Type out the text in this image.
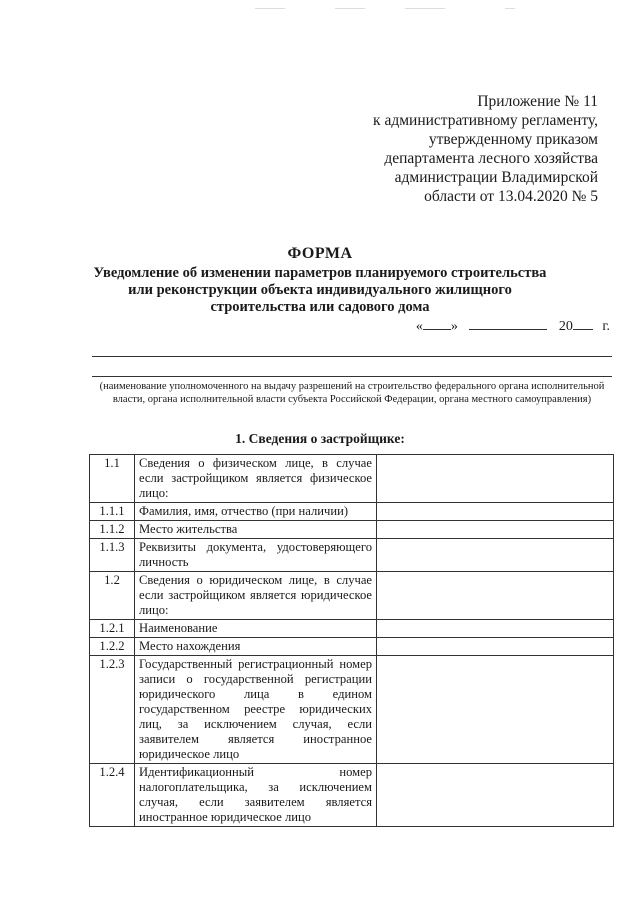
Приложение № 11
к административному регламенту,
утвержденному приказом
департамента лесного хозяйства
администрации Владимирской
области от 13.04.2020 № 5
ФОРМА
Уведомление об изменении параметров планируемого строительства или реконструкции объекта индивидуального жилищного строительства или садового дома
« »	20 г.
(наименование уполномоченного на выдачу разрешений на строительство федерального органа исполнительной власти, органа исполнительной власти субъекта Российской Федерации, органа местного самоуправления)
1. Сведения о застройщике:
1.1	Сведения о физическом лице, в случае если застройщиком является физическое лицо:	
1.1.1	Фамилия, имя, отчество (при наличии)	
1.1.2	Место жительства	
1.1.3	Реквизиты документа, удостоверяющего личность	
1.2	Сведения о юридическом лице, в случае если застройщиком является юридическое лицо:	
1.2.1	Наименование	
1.2.2	Место нахождения	
1.2.3	Государственный регистрационный номер записи о государственной регистрации юридического лица в едином государственном реестре юридических лиц, за исключением случая, если заявителем является иностранное юридическое лицо	
1.2.4	Идентификационный номер налогоплательщика, за исключением случая, если заявителем является иностранное юридическое лицо	
